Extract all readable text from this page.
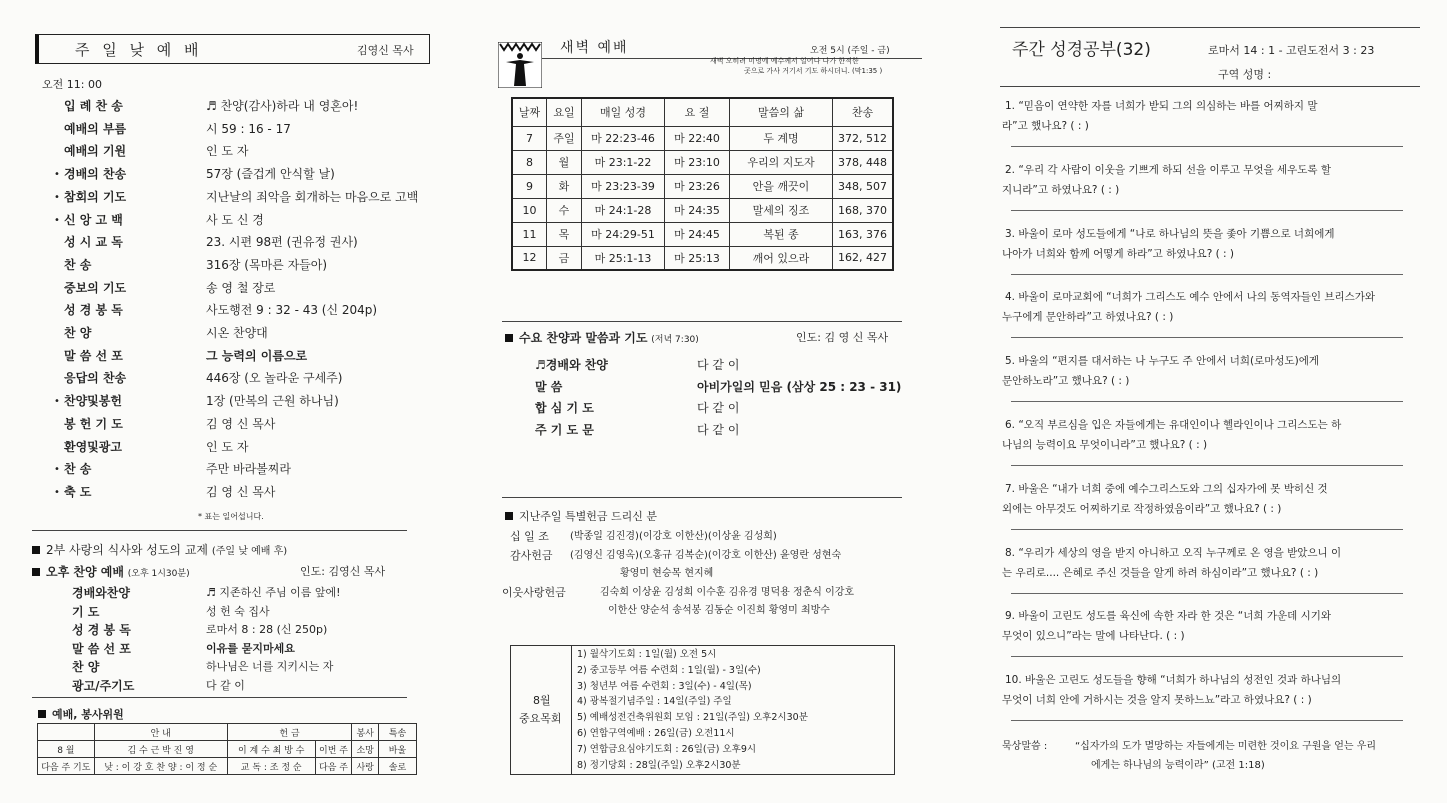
주 일 낮 예 배	김영신 목사
오전 11: 00
입 례 찬 송	♬ 찬양(감사)하라 내 영혼아!
예배의 부름	시 59 : 16 - 17
예배의 기원	인 도 자
• 경배의 찬송	57장 (즐겁게 안식할 날)
• 참회의 기도	지난날의 죄악을 회개하는 마음으로 고백
• 신 앙 고 백	사 도 신 경
성 시 교 독	23. 시편 98편 (권유정 권사)
찬 송	316장 (목마른 자들아)
중보의 기도	송 영 철 장로
성 경 봉 독	사도행전 9 : 32 - 43 (신 204p)
찬 양	시온 찬양대
말 씀 선 포	그 능력의 이름으로
응답의 찬송	446장 (오 놀라운 구세주)
• 찬양및봉헌	1장 (만복의 근원 하나님)
봉 헌 기 도	김 영 신 목사
환영및광고	인 도 자
• 찬 송	주만 바라볼찌라
• 축 도	김 영 신 목사
* 표는 일어섭니다.
2부 사랑의 식사와 성도의 교제 (주일 낮 예배 후)
오후 찬양 예배 (오후 1시30분)	인도: 김영신 목사
경배와찬양	♬ 지존하신 주님 이름 앞에!
기 도	성 헌 숙 집사
성 경 봉 독	로마서 8 : 28 (신 250p)
말 씀 선 포	이유를 묻지마세요
찬 양	하나님은 너를 지키시는 자
광고/주기도	다 같 이
예배, 봉사위원
	안 내	헌 금		봉사	특송
8 월	김 수 근 박 진 영	이 계 수 최 방 수	이번 주	소망	바울
다음 주 기도	낮 : 이 강 호 찬 양 : 이 정 순	교 독 : 조 정 순	다음 주	사랑	솔로
새벽 예배	오전 5시 (주일 - 금)
새벽 오히려 미명에 예수께서 일어나 나가 한적한
곳으로 가사 거기서 기도 하시더니. (막1:35 )
날짜	요일	매일 성경	요 절	말씀의 삶	찬송
7	주일	마 22:23-46	마 22:40	두 계명	372, 512
8	월	마 23:1-22	마 23:10	우리의 지도자	378, 448
9	화	마 23:23-39	마 23:26	안을 깨끗이	348, 507
10	수	마 24:1-28	마 24:35	말세의 징조	168, 370
11	목	마 24:29-51	마 24:45	복된 종	163, 376
12	금	마 25:1-13	마 25:13	깨어 있으라	162, 427
수요 찬양과 말씀과 기도 (저녁 7:30)	인도: 김 영 신 목사
♬경배와 찬양	다 같 이
말 씀	아비가일의 믿음 (삼상 25 : 23 - 31)
합 심 기 도	다 같 이
주 기 도 문	다 같 이
지난주일 특별헌금 드리신 분
십 일 조 (박종일 김진경)(이강호 이한산)(이상윤 김성희)
감사헌금 (김영신 김영옥)(오홍규 김복순)(이강호 이한산) 윤영란 성현숙
황영미 현승목 현지혜
이웃사랑헌금	김숙희 이상윤 김성희 이수훈 김유경 명덕용 정춘식 이강호
이한산 양순석 송석봉 김동순 이진희 황영미 최방수
8월
중요목회
1) 월삭기도회 : 1일(월) 오전 5시
2) 중고등부 여름 수련회 : 1일(월) - 3일(수)
3) 청년부 여름 수련회 : 3일(수) - 4일(목)
4) 광복절기념주일 : 14일(주일) 주일
5) 예배성전건축위원회 모임 : 21일(주일) 오후2시30분
6) 연합구역예배 : 26일(금) 오전11시
7) 연합금요심야기도회 : 26일(금) 오후9시
8) 정기당회 : 28일(주일) 오후2시30분
주간 성경공부(32)	로마서 14 : 1 - 고린도전서 3 : 23
구역 성명 :
1. “믿음이 연약한 자를 너희가 받되 그의 의심하는 바를 어찌하지 말
라”고 했나요? ( : )
2. “우리 각 사람이 이웃을 기쁘게 하되 선을 이루고 무엇을 세우도록 할
지니라”고 하였나요? ( : )
3. 바울이 로마 성도들에게 “나로 하나님의 뜻을 좇아 기쁨으로 너희에게
나아가 너희와 함께 어떻게 하라”고 하였나요? ( : )
4. 바울이 로마교회에 “너희가 그리스도 예수 안에서 나의 동역자들인 브리스가와
누구에게 문안하라”고 하였나요? ( : )
5. 바울의 “편지를 대서하는 나 누구도 주 안에서 너희(로마성도)에게
문안하노라”고 했나요? ( : )
6. “오직 부르심을 입은 자들에게는 유대인이나 헬라인이나 그리스도는 하
나님의 능력이요 무엇이니라”고 했나요? ( : )
7. 바울은 “내가 너희 중에 예수그리스도와 그의 십자가에 못 박히신 것
외에는 아무것도 어찌하기로 작정하였음이라”고 했나요? ( : )
8. “우리가 세상의 영을 받지 아니하고 오직 누구께로 온 영을 받았으니 이
는 우리로.... 은혜로 주신 것들을 알게 하려 하심이라”고 했나요? ( : )
9. 바울이 고린도 성도를 육신에 속한 자라 한 것은 “너희 가운데 시기와
무엇이 있으니”라는 말에 나타난다. ( : )
10. 바울은 고린도 성도들을 향해 “너희가 하나님의 성전인 것과 하나님의
무엇이 너희 안에 거하시는 것을 알지 못하느뇨”라고 하였나요? ( : )
묵상말씀 :	“십자가의 도가 멸망하는 자들에게는 미련한 것이요 구원을 얻는 우리
에게는 하나님의 능력이라” (고전 1:18)
